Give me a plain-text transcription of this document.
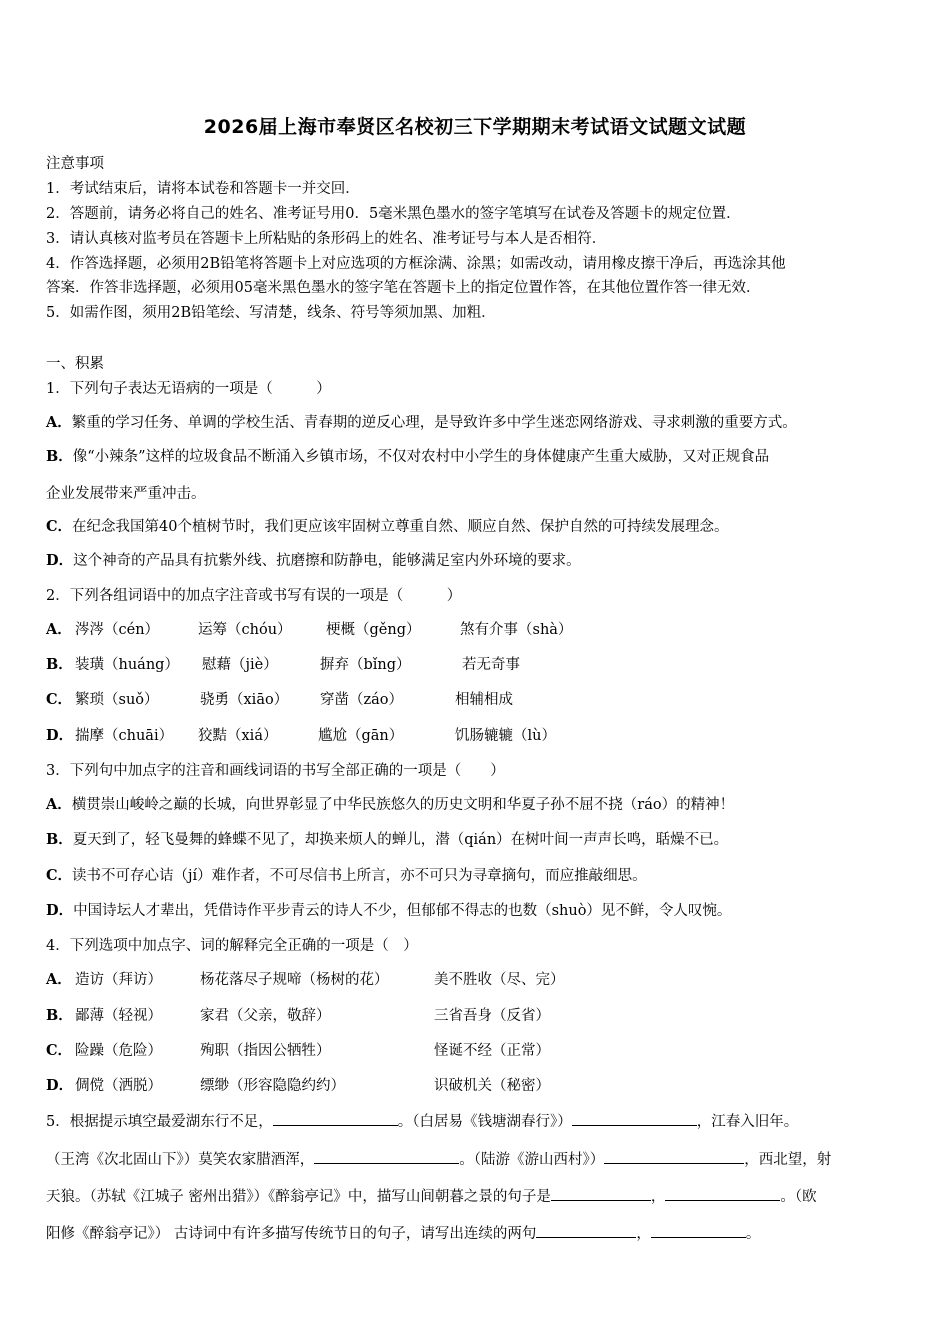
2026届上海市奉贤区名校初三下学期期末考试语文试题文试题
注意事项
1．考试结束后，请将本试卷和答题卡一并交回．
2．答题前，请务必将自己的姓名、准考证号用0．5毫米黑色墨水的签字笔填写在试卷及答题卡的规定位置．
3．请认真核对监考员在答题卡上所粘贴的条形码上的姓名、准考证号与本人是否相符．
4．作答选择题，必须用2B铅笔将答题卡上对应选项的方框涂满、涂黑；如需改动，请用橡皮擦干净后，再选涂其他
答案．作答非选择题，必须用05毫米黑色墨水的签字笔在答题卡上的指定位置作答，在其他位置作答一律无效．
5．如需作图，须用2B铅笔绘、写清楚，线条、符号等须加黑、加粗．
一、积累
1．下列句子表达无语病的一项是（　　　）
A．繁重的学习任务、单调的学校生活、青春期的逆反心理，是导致许多中学生迷恋网络游戏、寻求刺激的重要方式。
B．像“小辣条”这样的垃圾食品不断涌入乡镇市场，不仅对农村中小学生的身体健康产生重大威胁，又对正规食品
企业发展带来严重冲击。
C．在纪念我国第40个植树节时，我们更应该牢固树立尊重自然、顺应自然、保护自然的可持续发展理念。
D．这个神奇的产品具有抗紫外线、抗磨擦和防静电，能够满足室内外环境的要求。
2．下列各组词语中的加点字注音或书写有误的一项是（　　　）
A． 涔涔（cén）	运筹（chóu） 梗概（gěng）	煞有介事（shà）
B． 装璜（huáng） 慰藉（jiè）	摒弃（bǐng）	若无奇事
C． 繁琐（suǒ）	骁勇（xiāo） 穿凿（záo）	相辅相成
D． 揣摩（chuāi） 狡黠（xiá）	尴尬（gān）	饥肠辘辘（lù）
3．下列句中加点字的注音和画线词语的书写全部正确的一项是（　　）
A．横贯崇山峻岭之巅的长城，向世界彰显了中华民族悠久的历史文明和华夏子孙不屈不挠（ráo）的精神！
B．夏天到了，轻飞曼舞的蜂蝶不见了，却换来烦人的蝉儿，潜（qián）在树叶间一声声长鸣，聒燥不已。
C．读书不可存心诘（jí）难作者，不可尽信书上所言，亦不可只为寻章摘句，而应推敲细思。
D．中国诗坛人才辈出，凭借诗作平步青云的诗人不少，但郁郁不得志的也数（shuò）见不鲜，令人叹惋。
4．下列选项中加点字、词的解释完全正确的一项是（　）
A． 造访（拜访）	杨花落尽子规啼（杨树的花）	美不胜收（尽、完）
B． 鄙薄（轻视）	家君（父亲，敬辞）	三省吾身（反省）
C． 险躁（危险）	殉职（指因公牺牲）	怪诞不经（正常）
D． 倜傥（洒脱）	缥缈（形容隐隐约约）	识破机关（秘密）
5．根据提示填空最爱湖东行不足，	。（白居易《钱塘湖春行》）	，江春入旧年。
（王湾《次北固山下》）莫笑农家腊酒浑，	。（陆游《游山西村》）	，西北望，射
天狼。（苏轼《江城子 密州出猎》）《醉翁亭记》中，描写山间朝暮之景的句子是	，	。（欧
阳修《醉翁亭记》） 古诗词中有许多描写传统节日的句子，请写出连续的两句	，	。
